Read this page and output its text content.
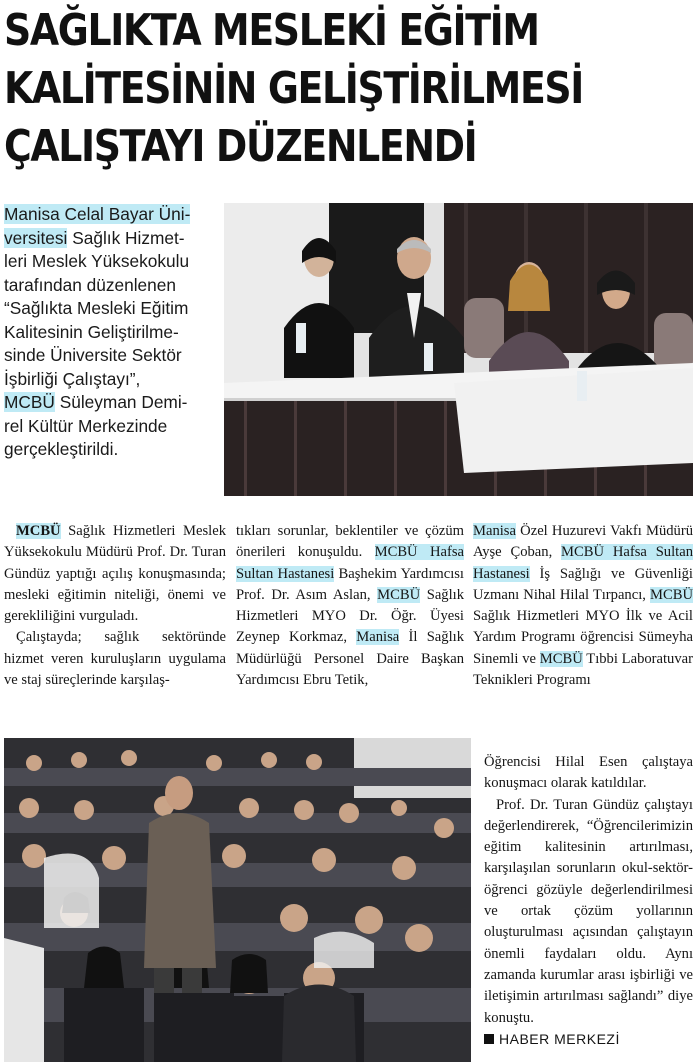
SAĞLIKTA MESLEKİ EĞİTİM
KALİTESİNİN GELİŞTİRİLMESİ
ÇALIŞTAYI DÜZENLENDİ
Manisa Celal Bayar Üni-
versitesi Sağlık Hizmet-
leri Meslek Yüksekokulu
tarafından düzenlenen
“Sağlıkta Mesleki Eğitim
Kalitesinin Geliştirilme-
sinde Üniversite Sektör
İşbirliği Çalıştayı”,
MCBÜ Süleyman Demi-
rel Kültür Merkezinde
gerçekleştirildi.

MCBÜ Sağlık Hizmetleri Meslek Yüksekokulu Müdürü Prof. Dr. Turan Gündüz yaptığı açılış konuşmasında; mesleki eğitimin niteliği, önemi ve gerekliliğini vurguladı.

Çalıştayda; sağlık sektöründe hizmet veren kuruluşların uygulama ve staj süreçlerinde karşılaş-

tıkları sorunlar, beklentiler ve çözüm önerileri konuşuldu. MCBÜ Hafsa Sultan Hastanesi Başhekim Yardımcısı Prof. Dr. Asım Aslan, MCBÜ Sağlık Hizmetleri MYO Dr. Öğr. Üyesi Zeynep Korkmaz, Manisa İl Sağlık Müdürlüğü Personel Daire Başkan Yardımcısı Ebru Tetik,

Manisa Özel Huzurevi Vakfı Müdürü Ayşe Çoban, MCBÜ Hafsa Sultan Hastanesi İş Sağlığı ve Güvenliği Uzmanı Nihal Hilal Tırpancı, MCBÜ Sağlık Hizmetleri MYO İlk ve Acil Yardım Programı öğrencisi Sümeyha Sinemli ve MCBÜ Tıbbi Laboratuvar Teknikleri Programı

Öğrencisi Hilal Esen çalıştaya konuşmacı olarak katıldılar.

Prof. Dr. Turan Gündüz çalıştayı değerlendirerek, “Öğrencilerimizin eğitim kalitesinin artırılması, karşılaşılan sorunların okul-sektör-öğrenci gözüyle değerlendirilmesi ve ortak çözüm yollarının oluşturulması açısından çalıştayın önemli faydaları oldu. Aynı zamanda kurumlar arası işbirliği ve iletişimin artırılması sağlandı” diye konuştu.

HABER MERKEZİ
